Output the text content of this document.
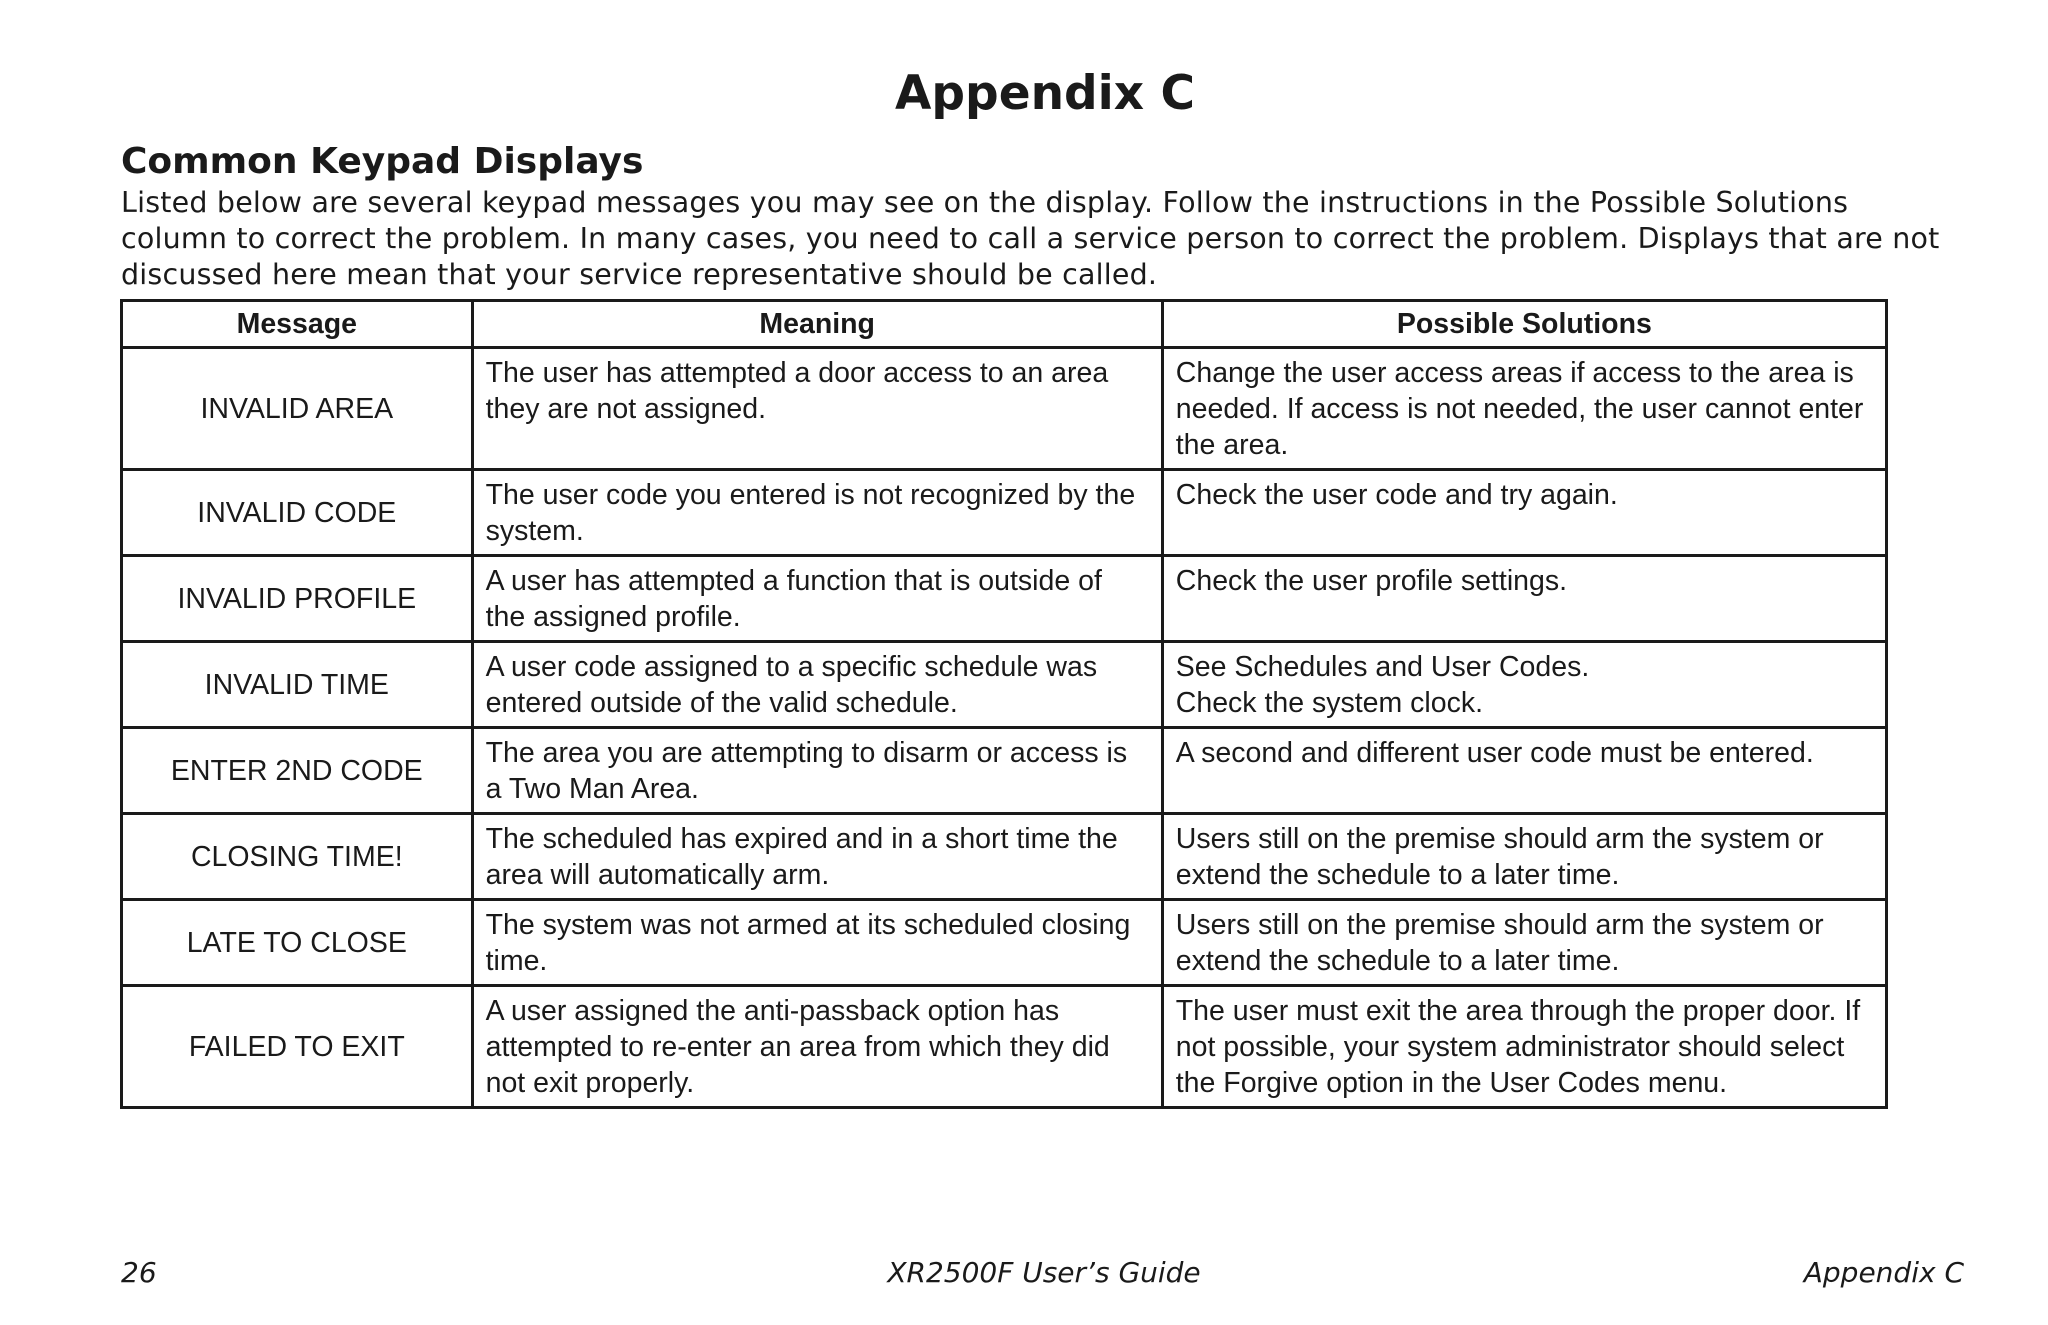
Appendix C
Common Keypad Displays

Listed below are several keypad messages you may see on the display. Follow the instructions in the Possible Solutions column to correct the problem. In many cases, you need to call a service person to correct the problem. Displays that are not discussed here mean that your service representative should be called.

Message	Meaning	Possible Solutions
INVALID AREA	The user has attempted a door access to an area they are not assigned.	Change the user access areas if access to the area is needed. If access is not needed, the user cannot enter the area.
INVALID CODE	The user code you entered is not recognized by the system.	Check the user code and try again.
INVALID PROFILE	A user has attempted a function that is outside of the assigned profile.	Check the user profile settings.
INVALID TIME	A user code assigned to a specific schedule was entered outside of the valid schedule.	See Schedules and User Codes.
Check the system clock.
ENTER 2ND CODE	The area you are attempting to disarm or access is a Two Man Area.	A second and different user code must be entered.
CLOSING TIME!	The scheduled has expired and in a short time the area will automatically arm.	Users still on the premise should arm the system or extend the schedule to a later time.
LATE TO CLOSE	The system was not armed at its scheduled closing time.	Users still on the premise should arm the system or extend the schedule to a later time.
FAILED TO EXIT	A user assigned the anti-passback option has attempted to re-enter an area from which they did not exit properly.	The user must exit the area through the proper door. If not possible, your system administrator should select the Forgive option in the User Codes menu.
26	XR2500F User’s Guide	Appendix C
